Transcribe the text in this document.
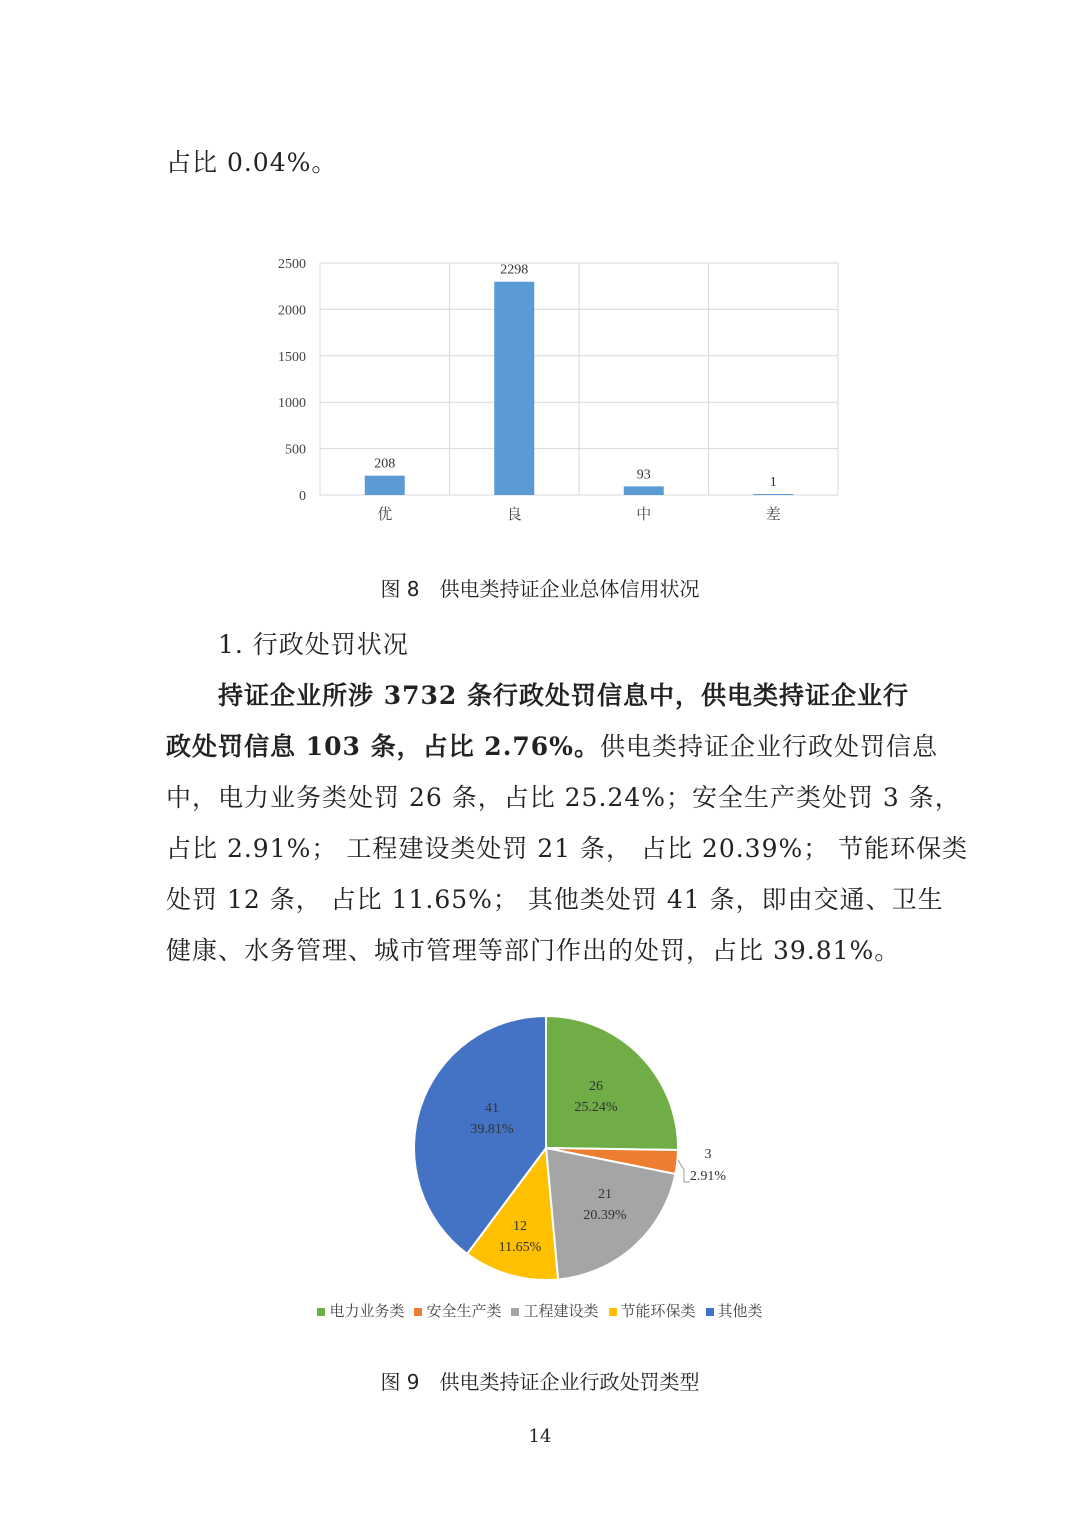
占比 0.04%。
0
500
1000
1500
2000
2500
208
2298
93
1
优	良	中	差
图 8　供电类持证企业总体信用状况
1. 行政处罚状况
持证企业所涉 3732 条行政处罚信息中，供电类持证企业行
政处罚信息 103 条，占比 2.76%。供电类持证企业行政处罚信息
中，电力业务类处罚 26 条，占比 25.24%；安全生产类处罚 3 条，
占比 2.91%； 工程建设类处罚 21 条， 占比 20.39%； 节能环保类
处罚 12 条， 占比 11.65%； 其他类处罚 41 条，即由交通、卫生
健康、水务管理、城市管理等部门作出的处罚，占比 39.81%。
26
25.24%
3
2.91%
21
20.39%
12
11.65%
41
39.81%
电力业务类 安全生产类 工程建设类 节能环保类 其他类
图 9　供电类持证企业行政处罚类型
14
